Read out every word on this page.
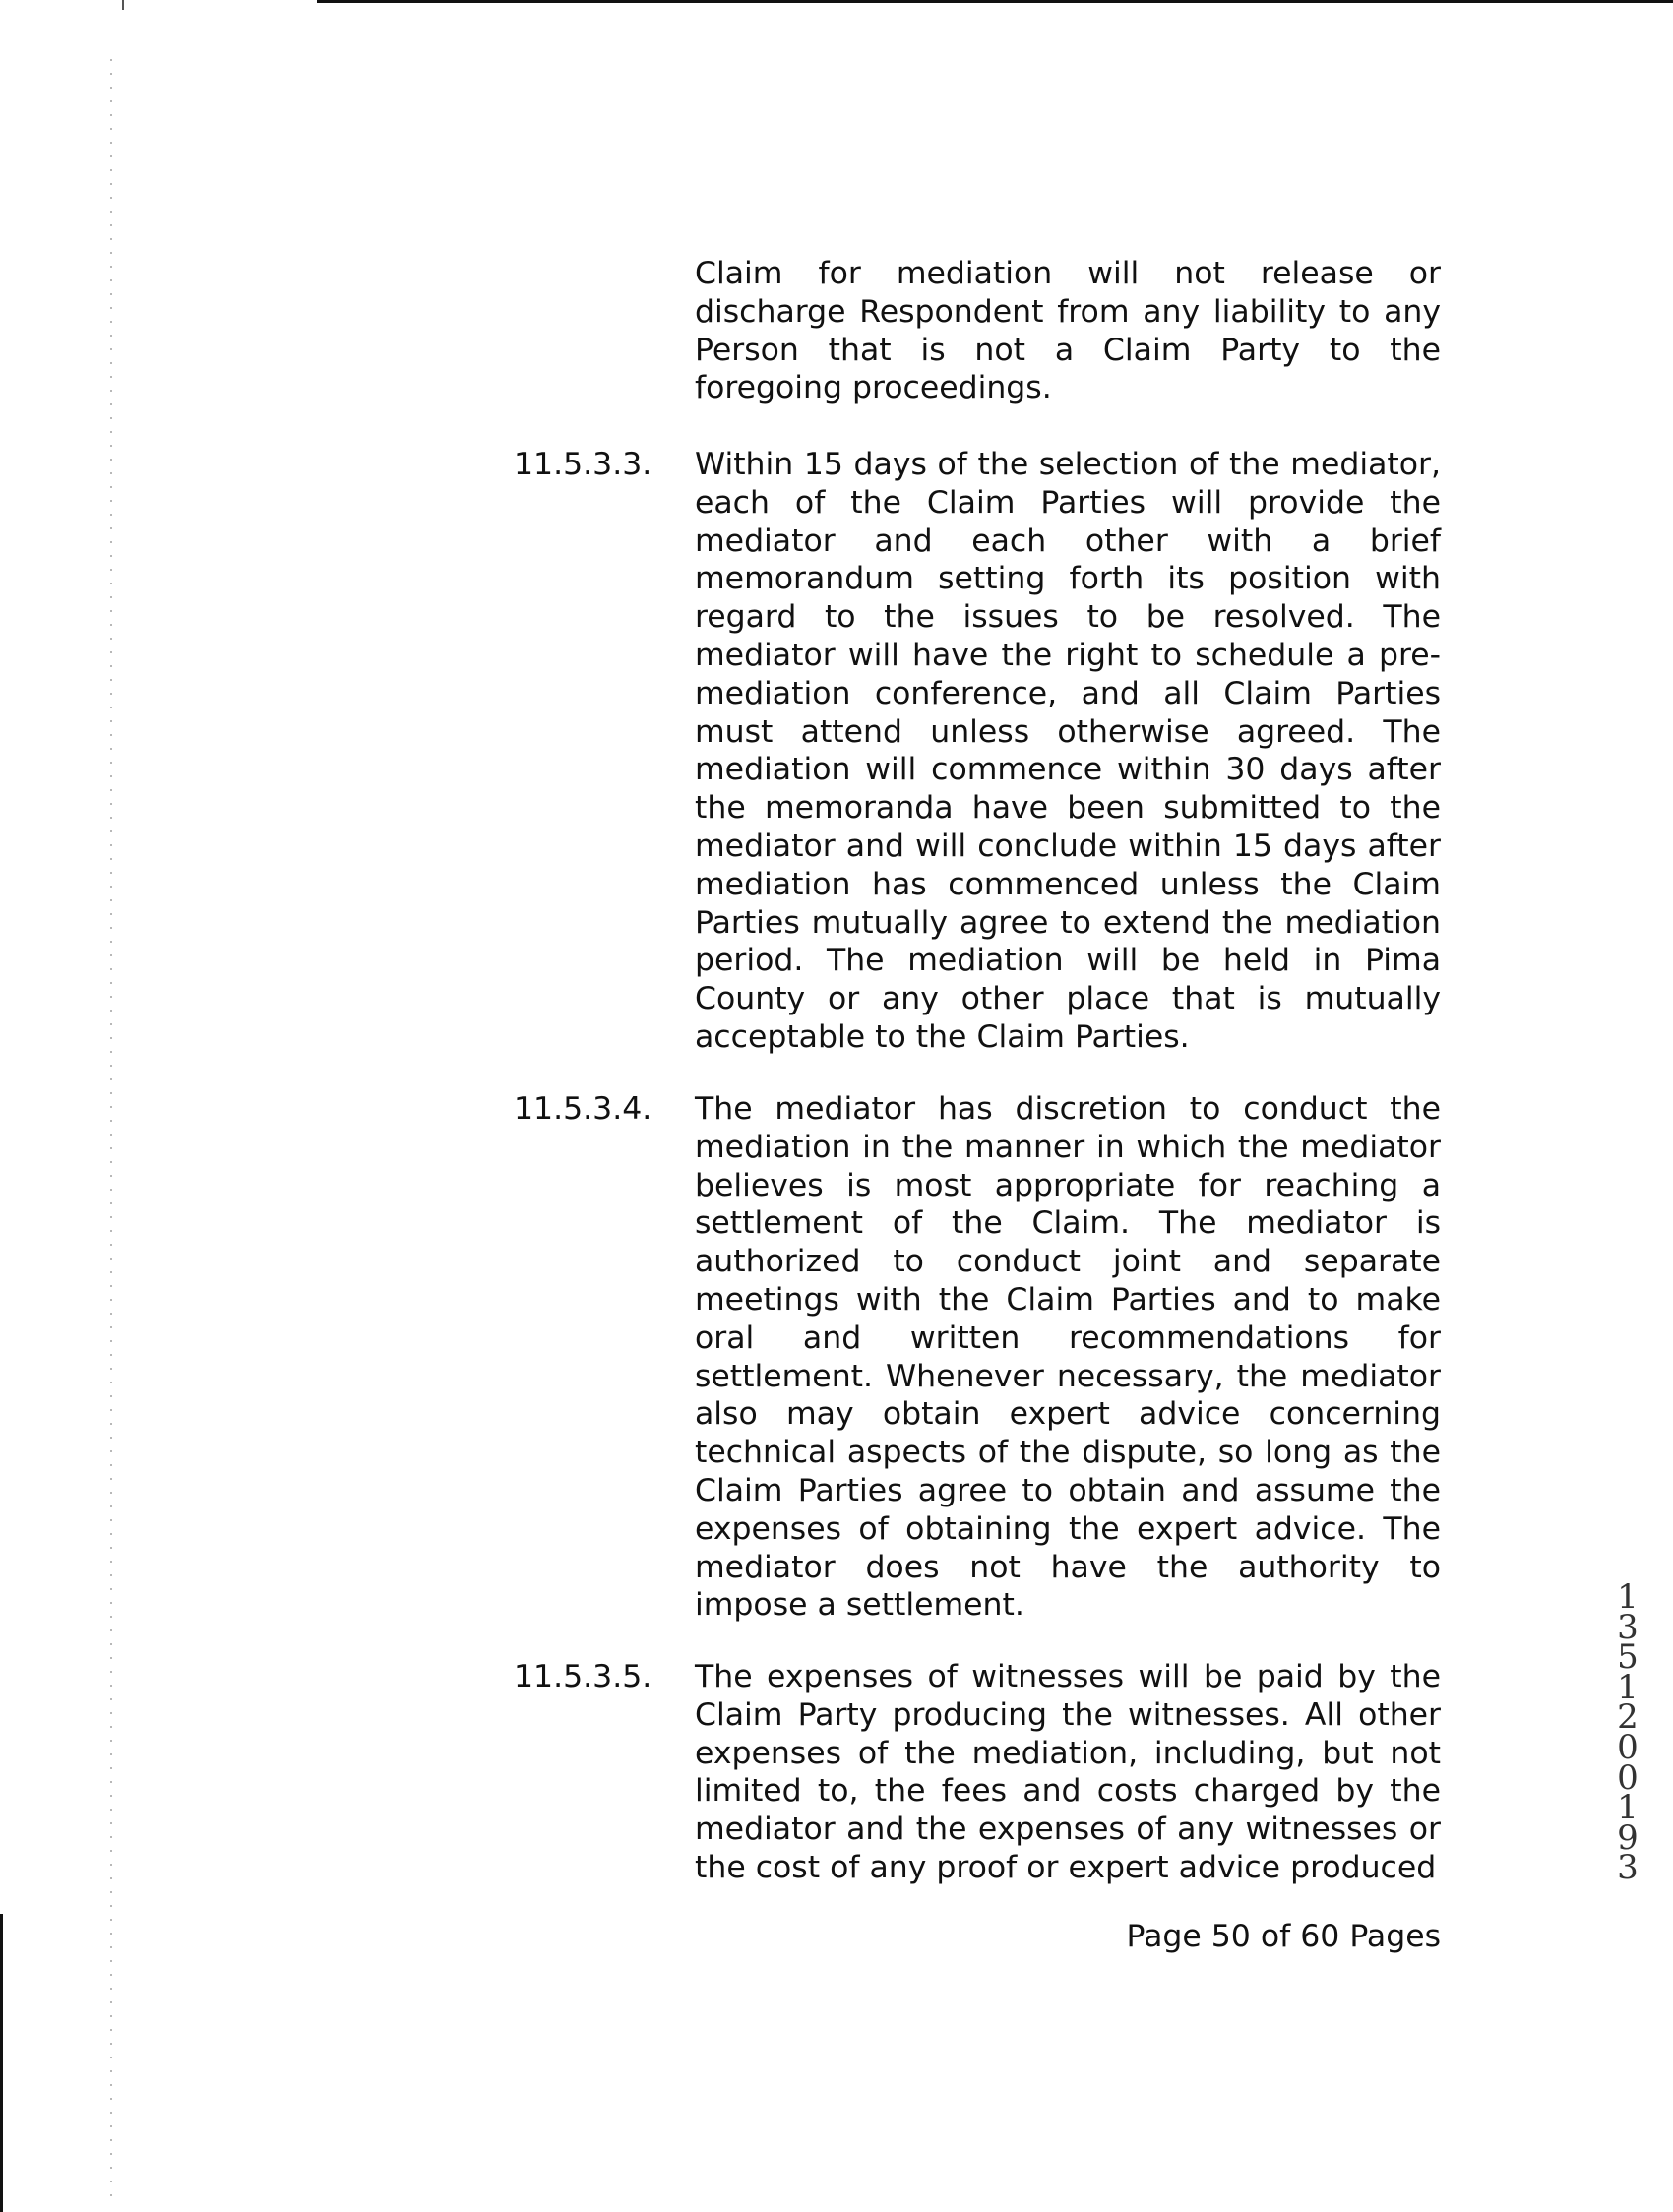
Claim for mediation will not release or discharge Respondent from any liability to any Person that is not a Claim Party to the foregoing proceedings.
11.5.3.3. Within 15 days of the selection of the mediator, each of the Claim Parties will provide the mediator and each other with a brief memorandum setting forth its position with regard to the issues to be resolved. The mediator will have the right to schedule a pre-mediation conference, and all Claim Parties must attend unless otherwise agreed. The mediation will commence within 30 days after the memoranda have been submitted to the mediator and will conclude within 15 days after mediation has commenced unless the Claim Parties mutually agree to extend the mediation period. The mediation will be held in Pima County or any other place that is mutually acceptable to the Claim Parties.
11.5.3.4. The mediator has discretion to conduct the mediation in the manner in which the mediator believes is most appropriate for reaching a settlement of the Claim. The mediator is authorized to conduct joint and separate meetings with the Claim Parties and to make oral and written recommendations for settlement. Whenever necessary, the mediator also may obtain expert advice concerning technical aspects of the dispute, so long as the Claim Parties agree to obtain and assume the expenses of obtaining the expert advice. The mediator does not have the authority to impose a settlement.
11.5.3.5. The expenses of witnesses will be paid by the Claim Party producing the witnesses. All other expenses of the mediation, including, but not limited to, the fees and costs charged by the mediator and the expenses of any witnesses or the cost of any proof or expert advice produced
Page 50 of 60 Pages
13512 00193
